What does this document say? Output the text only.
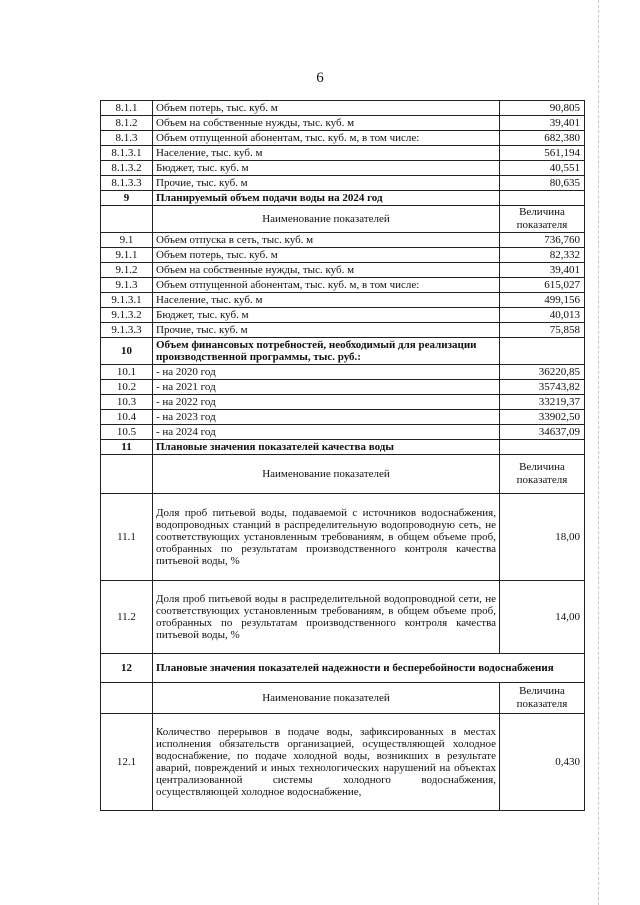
6
8.1.1	Объем потерь, тыс. куб. м	90,805
8.1.2	Объем на собственные нужды, тыс. куб. м	39,401
8.1.3	Объем отпущенной абонентам, тыс. куб. м, в том числе:	682,380
8.1.3.1	Население, тыс. куб. м	561,194
8.1.3.2	Бюджет, тыс. куб. м	40,551
8.1.3.3	Прочие, тыс. куб. м	80,635
9	Планируемый объем подачи воды на 2024 год	
	Наименование показателей	Величина показателя
9.1	Объем отпуска в сеть, тыс. куб. м	736,760
9.1.1	Объем потерь, тыс. куб. м	82,332
9.1.2	Объем на собственные нужды, тыс. куб. м	39,401
9.1.3	Объем отпущенной абонентам, тыс. куб. м, в том числе:	615,027
9.1.3.1	Население, тыс. куб. м	499,156
9.1.3.2	Бюджет, тыс. куб. м	40,013
9.1.3.3	Прочие, тыс. куб. м	75,858
10	Объем финансовых потребностей, необходимый для реализации производственной программы, тыс. руб.:	
10.1	- на 2020 год	36220,85
10.2	- на 2021 год	35743,82
10.3	- на 2022 год	33219,37
10.4	- на 2023 год	33902,50
10.5	- на 2024 год	34637,09
11	Плановые значения показателей качества воды	
	Наименование показателей	Величина показателя
11.1	Доля проб питьевой воды, подаваемой с источников водоснабжения, водопроводных станций в распределительную водопроводную сеть, не соответствующих установленным требованиям, в общем объеме проб, отобранных по результатам производственного контроля качества питьевой воды, %	18,00
11.2	Доля проб питьевой воды в распределительной водопроводной сети, не соответствующих установленным требованиям, в общем объеме проб, отобранных по результатам производственного контроля качества питьевой воды, %	14,00
12	Плановые значения показателей надежности и бесперебойности водоснабжения	
	Наименование показателей	Величина показателя
12.1	Количество перерывов в подаче воды, зафиксированных в местах исполнения обязательств организацией, осуществляющей холодное водоснабжение, по подаче холодной воды, возникших в результате аварий, повреждений и иных технологических нарушений на объектах централизованной системы холодного водоснабжения, осуществляющей холодное водоснабжение,	0,430
